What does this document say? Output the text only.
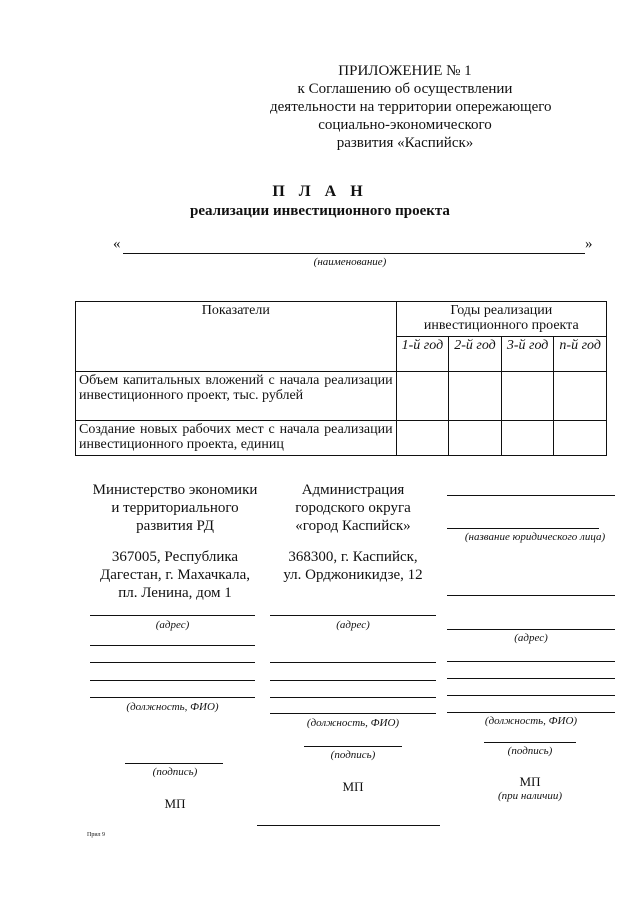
ПРИЛОЖЕНИЕ № 1
к Соглашению об осуществлении
деятельности на территории опережающего
социально-экономического
развития «Каспийск»
П Л А Н
реализации инвестиционного проекта
«	»
(наименование)
Показатели	Годы реализации инвестиционного проекта			
	1-й год	2-й год	3-й год	n-й год
Объем капитальных вложений с начала реализации инвестиционного проект, тыс. рублей				
Создание новых рабочих мест с начала реализации инвестиционного проекта, единиц				
Министерство экономики
и территориального
развития РД
367005, Республика
Дагестан, г. Махачкала,
пл. Ленина, дом 1
(адрес)
(должность, ФИО)
(подпись)
МП
Администрация
городского округа
«город Каспийск»
368300, г. Каспийск,
ул. Орджоникидзе, 12
(адрес)
(должность, ФИО)
(подпись)
МП
(название юридического лица)
(адрес)
(должность, ФИО)
(подпись)
МП
(при наличии)
Прил 9
